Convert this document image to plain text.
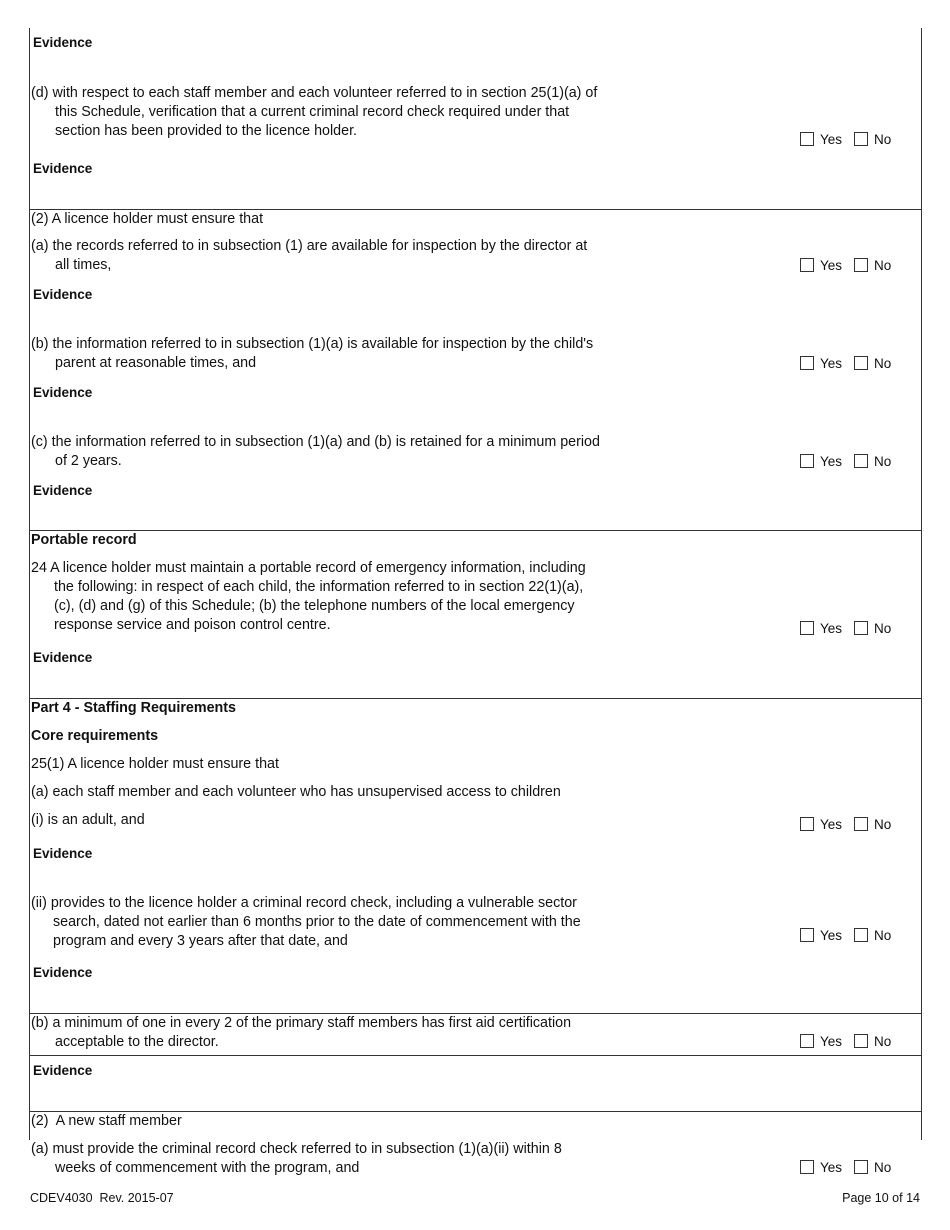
Evidence
(d) with respect to each staff member and each volunteer referred to in section 25(1)(a) of
this Schedule, verification that a current criminal record check required under that
section has been provided to the licence holder.	Yes No
Evidence
(2) A licence holder must ensure that
(a) the records referred to in subsection (1) are available for inspection by the director at
all times,	Yes No
Evidence
(b) the information referred to in subsection (1)(a) is available for inspection by the child's
parent at reasonable times, and	Yes No
Evidence
(c) the information referred to in subsection (1)(a) and (b) is retained for a minimum period
of 2 years.	Yes No
Evidence
Portable record
24 A licence holder must maintain a portable record of emergency information, including
the following: in respect of each child, the information referred to in section 22(1)(a),
(c), (d) and (g) of this Schedule; (b) the telephone numbers of the local emergency
response service and poison control centre.	Yes No
Evidence
Part 4 - Staffing Requirements
Core requirements
25(1) A licence holder must ensure that
(a) each staff member and each volunteer who has unsupervised access to children
(i) is an adult, and	Yes No
Evidence
(ii) provides to the licence holder a criminal record check, including a vulnerable sector
search, dated not earlier than 6 months prior to the date of commencement with the
program and every 3 years after that date, and	Yes No
Evidence
(b) a minimum of one in every 2 of the primary staff members has first aid certification
acceptable to the director.	Yes No
Evidence
(2)  A new staff member
(a) must provide the criminal record check referred to in subsection (1)(a)(ii) within 8
weeks of commencement with the program, and	Yes No
CDEV4030  Rev. 2015-07	Page 10 of 14
